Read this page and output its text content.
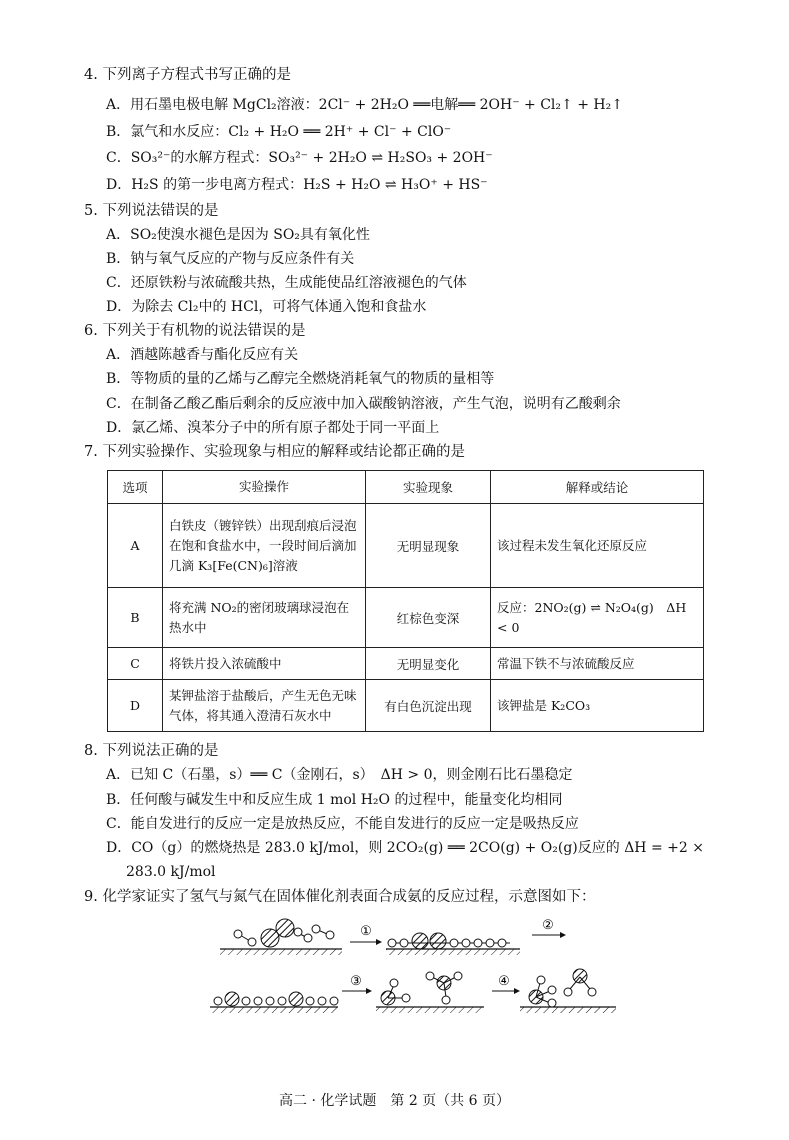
4. 下列离子方程式书写正确的是
A．用石墨电极电解 MgCl₂溶液：2Cl⁻ + 2H₂O ══电解══ 2OH⁻ + Cl₂↑ + H₂↑
B．氯气和水反应：Cl₂ + H₂O ══ 2H⁺ + Cl⁻ + ClO⁻
C．SO₃²⁻的水解方程式：SO₃²⁻ + 2H₂O ⇌ H₂SO₃ + 2OH⁻
D．H₂S 的第一步电离方程式：H₂S + H₂O ⇌ H₃O⁺ + HS⁻
5. 下列说法错误的是
A．SO₂使溴水褪色是因为 SO₂具有氧化性
B．钠与氧气反应的产物与反应条件有关
C．还原铁粉与浓硫酸共热，生成能使品红溶液褪色的气体
D．为除去 Cl₂中的 HCl，可将气体通入饱和食盐水
6. 下列关于有机物的说法错误的是
A．酒越陈越香与酯化反应有关
B．等物质的量的乙烯与乙醇完全燃烧消耗氧气的物质的量相等
C．在制备乙酸乙酯后剩余的反应液中加入碳酸钠溶液，产生气泡，说明有乙酸剩余
D．氯乙烯、溴苯分子中的所有原子都处于同一平面上
7. 下列实验操作、实验现象与相应的解释或结论都正确的是
选项	实验操作	实验现象	解释或结论
A	白铁皮（镀锌铁）出现刮痕后浸泡在饱和食盐水中，一段时间后滴加几滴 K₃[Fe(CN)₆]溶液	无明显现象	该过程未发生氧化还原反应
B	将充满 NO₂的密闭玻璃球浸泡在热水中	红棕色变深	反应：2NO₂(g) ⇌ N₂O₄(g)　ΔH < 0
C	将铁片投入浓硫酸中	无明显变化	常温下铁不与浓硫酸反应
D	某钾盐溶于盐酸后，产生无色无味气体，将其通入澄清石灰水中	有白色沉淀出现	该钾盐是 K₂CO₃
8. 下列说法正确的是
A．已知 C（石墨，s）══ C（金刚石，s）　ΔH > 0，则金刚石比石墨稳定
B．任何酸与碱发生中和反应生成 1 mol H₂O 的过程中，能量变化均相同
C．能自发进行的反应一定是放热反应，不能自发进行的反应一定是吸热反应
D．CO（g）的燃烧热是 283.0 kJ/mol，则 2CO₂(g) ══ 2CO(g) + O₂(g)反应的 ΔH = +2 ×
283.0 kJ/mol
9. 化学家证实了氢气与氮气在固体催化剂表面合成氨的反应过程，示意图如下：
①	②
③	④
高二 · 化学试题　第 2 页（共 6 页）
